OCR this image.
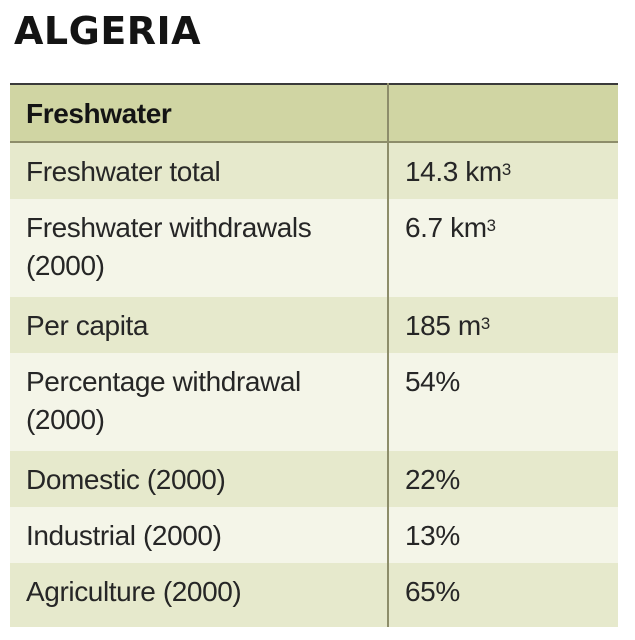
ALGERIA
Freshwater	
Freshwater total	14.3 $km^3$
Freshwater withdrawals (2000)	6.7 $km^3$
Per capita	185 $m^3$
Percentage withdrawal (2000)	54%
Domestic (2000)	22%
Industrial (2000)	13%
Agriculture (2000)	65%
